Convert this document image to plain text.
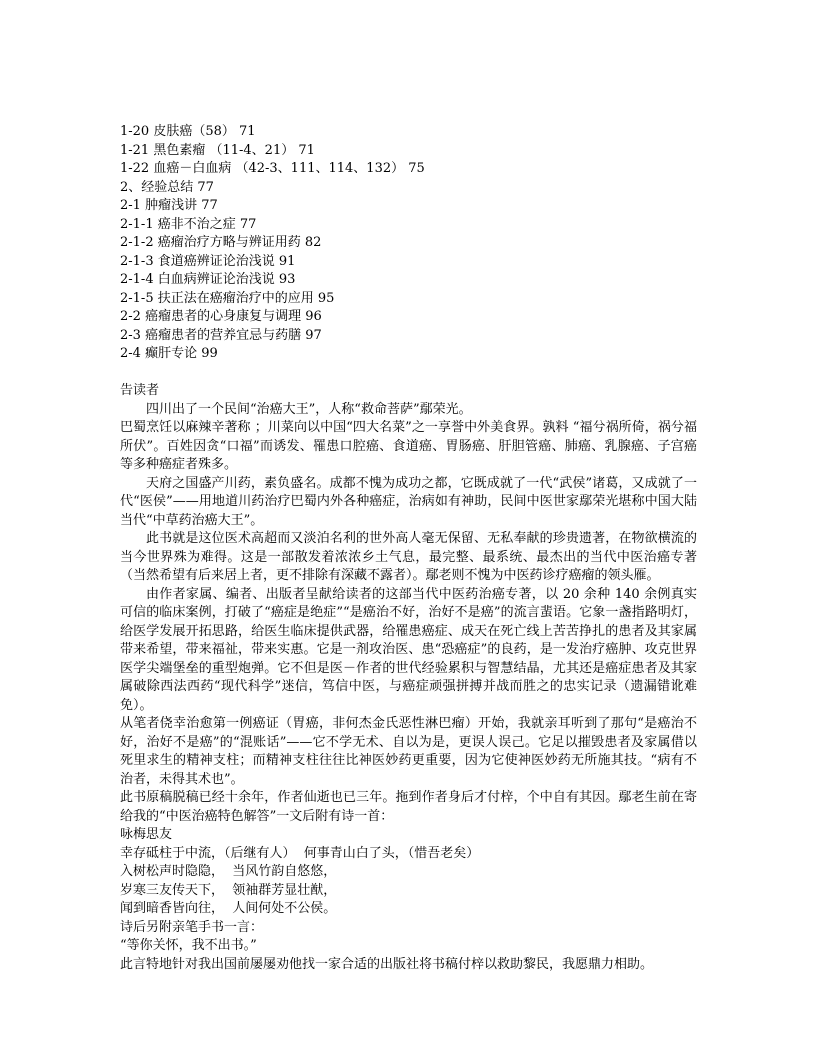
1-20 皮肤癌（58） 71
1-21 黑色素瘤 （11-4、21） 71
1-22 血癌－白血病 （42-3、111、114、132） 75
2、经验总结 77
2-1 肿瘤浅讲 77
2-1-1 癌非不治之症 77
2-1-2 癌瘤治疗方略与辨证用药 82
2-1-3 食道癌辨证论治浅说 91
2-1-4 白血病辨证论治浅说 93
2-1-5 扶正法在癌瘤治疗中的应用 95
2-2 癌瘤患者的心身康复与调理 96
2-3 癌瘤患者的营养宜忌与药膳 97
2-4 癫肝专论 99
告读者
四川出了一个民间“治癌大王”，人称“救命菩萨”鄢荣光。
巴蜀烹饪以麻辣辛著称 ；川菜向以中国“四大名菜”之一享誉中外美食界。孰料 “福兮祸所倚，祸兮福所伏”。百姓因贪“口福”而诱发、罹患口腔癌、食道癌、胃肠癌、肝胆管癌、肺癌、乳腺癌、子宫癌等多种癌症者殊多。
天府之国盛产川药，素负盛名。成都不愧为成功之都，它既成就了一代“武侯”诸葛，又成就了一代“医侯”——用地道川药治疗巴蜀内外各种癌症，治病如有神助，民间中医世家鄢荣光堪称中国大陆当代“中草药治癌大王”。
此书就是这位医术高超而又淡泊名利的世外高人毫无保留、无私奉献的珍贵遗著，在物欲横流的当今世界殊为难得。这是一部散发着浓浓乡土气息，最完整、最系统、最杰出的当代中医治癌专著（当然希望有后来居上者，更不排除有深藏不露者）。鄢老则不愧为中医药诊疗癌瘤的领头雁。
由作者家属、编者、出版者呈献给读者的这部当代中医药治癌专著，以 20 余种 140 余例真实可信的临床案例，打破了“癌症是绝症”“是癌治不好，治好不是癌”的流言蜚语。它象一盏指路明灯，给医学发展开拓思路，给医生临床提供武器，给罹患癌症、成天在死亡线上苦苦挣扎的患者及其家属带来希望，带来福祉，带来实惠。它是一剂攻治医、患“恐癌症”的良药，是一发治疗癌肿、攻克世界医学尖端堡垒的重型炮弹。它不但是医－作者的世代经验累积与智慧结晶，尤其还是癌症患者及其家属破除西法西药“现代科学”迷信，笃信中医，与癌症顽强拼搏并战而胜之的忠实记录（遗漏错讹难免）。
从笔者侥幸治愈第一例癌证（胃癌，非何杰金氏恶性淋巴瘤）开始，我就亲耳听到了那句“是癌治不好，治好不是癌”的“混账话”——它不学无术、自以为是，更误人误己。它足以摧毁患者及家属借以死里求生的精神支柱；而精神支柱往往比神医妙药更重要，因为它使神医妙药无所施其技。“病有不治者，未得其术也”。
此书原稿脱稿已经十余年，作者仙逝也已三年。拖到作者身后才付梓，个中自有其因。鄢老生前在寄给我的“中医治癌特色解答”一文后附有诗一首：
咏梅思友
幸存砥柱于中流，（后继有人）  何事青山白了头，（惜吾老矣）
入树松声时隐隐，  当风竹韵自悠悠，
岁寒三友传天下，  领袖群芳显壮猷，
闻到暗香皆向往，  人间何处不公侯。
诗后另附亲笔手书一言：
“等你关怀，我不出书。”
此言特地针对我出国前屡屡劝他找一家合适的出版社将书稿付梓以救助黎民，我愿鼎力相助。
